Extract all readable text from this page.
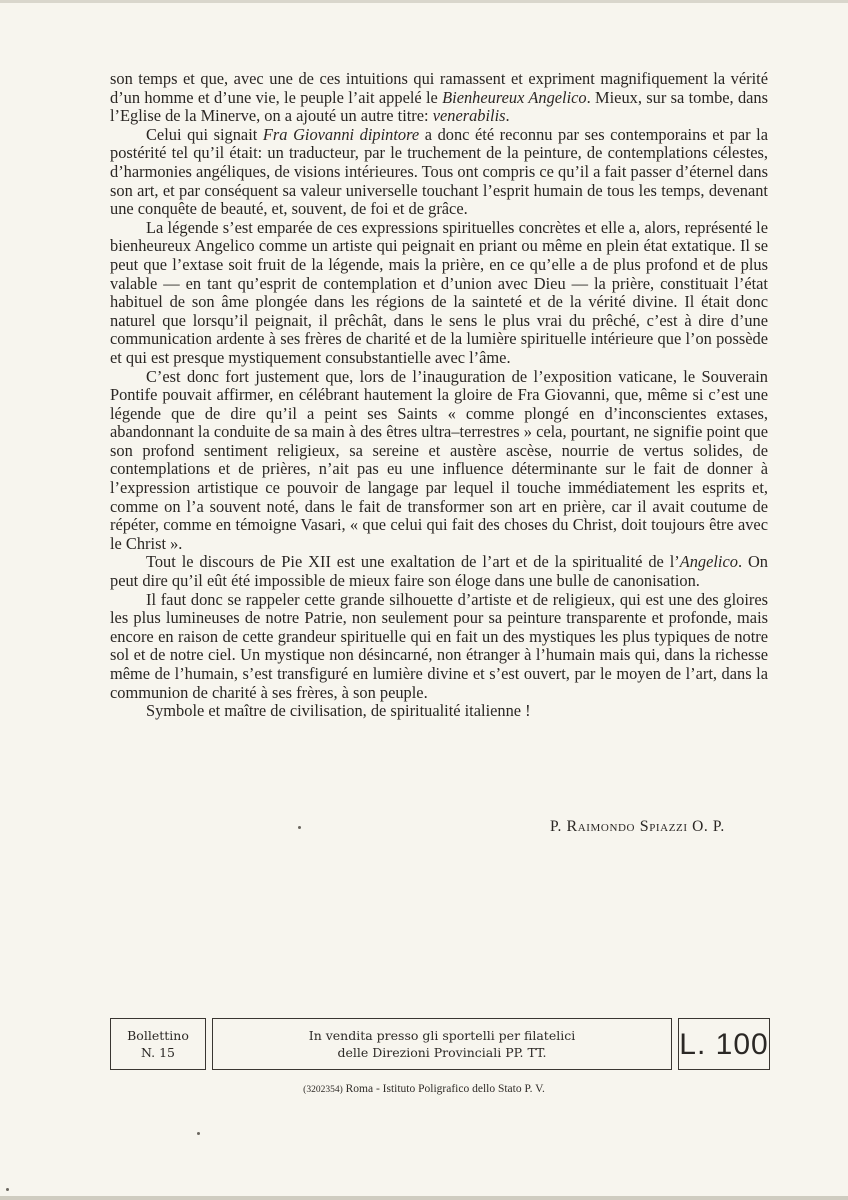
son temps et que, avec une de ces intuitions qui ramassent et expriment magnifiquement la vérité d’un homme et d’une vie, le peuple l’ait appelé le Bienheureux Angelico. Mieux, sur sa tombe, dans l’Eglise de la Minerve, on a ajouté un autre titre: venerabilis.

Celui qui signait Fra Giovanni dipintore a donc été reconnu par ses contemporains et par la postérité tel qu’il était: un traducteur, par le truchement de la peinture, de contemplations célestes, d’harmonies angéliques, de visions intérieures. Tous ont compris ce qu’il a fait passer d’éternel dans son art, et par conséquent sa valeur universelle touchant l’esprit humain de tous les temps, devenant une conquête de beauté, et, souvent, de foi et de grâce.

La légende s’est emparée de ces expressions spirituelles concrètes et elle a, alors, représenté le bienheureux Angelico comme un artiste qui peignait en priant ou même en plein état extatique. Il se peut que l’extase soit fruit de la légende, mais la prière, en ce qu’elle a de plus profond et de plus valable — en tant qu’esprit de contemplation et d’union avec Dieu — la prière, constituait l’état habituel de son âme plongée dans les régions de la sainteté et de la vérité divine. Il était donc naturel que lorsqu’il peignait, il prêchât, dans le sens le plus vrai du prêché, c’est à dire d’une communication ardente à ses frères de charité et de la lumière spirituelle intérieure que l’on possède et qui est presque mystiquement consubstantielle avec l’âme.

C’est donc fort justement que, lors de l’inauguration de l’exposition vaticane, le Souverain Pontife pouvait affirmer, en célébrant hautement la gloire de Fra Giovanni, que, même si c’est une légende que de dire qu’il a peint ses Saints « comme plongé en d’inconscientes extases, abandonnant la conduite de sa main à des êtres ultra–terrestres » cela, pourtant, ne signifie point que son profond sentiment religieux, sa sereine et austère ascèse, nourrie de vertus solides, de contemplations et de prières, n’ait pas eu une influence déterminante sur le fait de donner à l’expression artistique ce pouvoir de langage par lequel il touche immédiatement les esprits et, comme on l’a souvent noté, dans le fait de transformer son art en prière, car il avait coutume de répéter, comme en témoigne Vasari, « que celui qui fait des choses du Christ, doit toujours être avec le Christ ».

Tout le discours de Pie XII est une exaltation de l’art et de la spiritualité de l’Angelico. On peut dire qu’il eût été impossible de mieux faire son éloge dans une bulle de canonisation.

Il faut donc se rappeler cette grande silhouette d’artiste et de religieux, qui est une des gloires les plus lumineuses de notre Patrie, non seulement pour sa peinture transparente et profonde, mais encore en raison de cette grandeur spirituelle qui en fait un des mystiques les plus typiques de notre sol et de notre ciel. Un mystique non désincarné, non étranger à l’humain mais qui, dans la richesse même de l’humain, s’est transfiguré en lumière divine et s’est ouvert, par le moyen de l’art, dans la communion de charité à ses frères, à son peuple.

Symbole et maître de civilisation, de spiritualité italienne !

P. Raimondo Spiazzi O. P.
Bollettino
N. 15
In vendita presso gli sportelli per filatelici
delle Direzioni Provinciali PP. TT.	L. 100
(3202354) Roma - Istituto Poligrafico dello Stato P. V.
